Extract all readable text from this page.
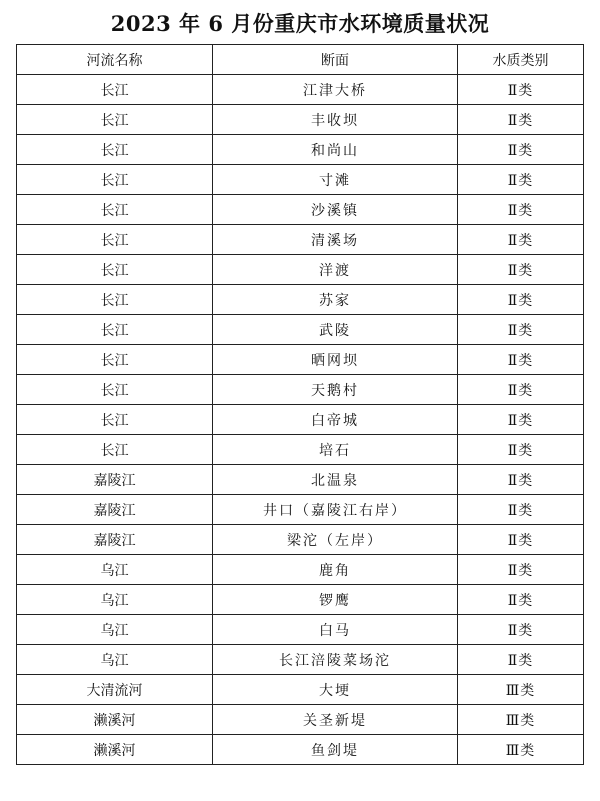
2023 年 6 月份重庆市水环境质量状况
河流名称	断面	水质类别
长江	江津大桥	Ⅱ类
长江	丰收坝	Ⅱ类
长江	和尚山	Ⅱ类
长江	寸滩	Ⅱ类
长江	沙溪镇	Ⅱ类
长江	清溪场	Ⅱ类
长江	洋渡	Ⅱ类
长江	苏家	Ⅱ类
长江	武陵	Ⅱ类
长江	晒网坝	Ⅱ类
长江	天鹅村	Ⅱ类
长江	白帝城	Ⅱ类
长江	培石	Ⅱ类
嘉陵江	北温泉	Ⅱ类
嘉陵江	井口（嘉陵江右岸）	Ⅱ类
嘉陵江	梁沱（左岸）	Ⅱ类
乌江	鹿角	Ⅱ类
乌江	锣鹰	Ⅱ类
乌江	白马	Ⅱ类
乌江	长江涪陵菜场沱	Ⅱ类
大清流河	大埂	Ⅲ类
濑溪河	关圣新堤	Ⅲ类
濑溪河	鱼剑堤	Ⅲ类
